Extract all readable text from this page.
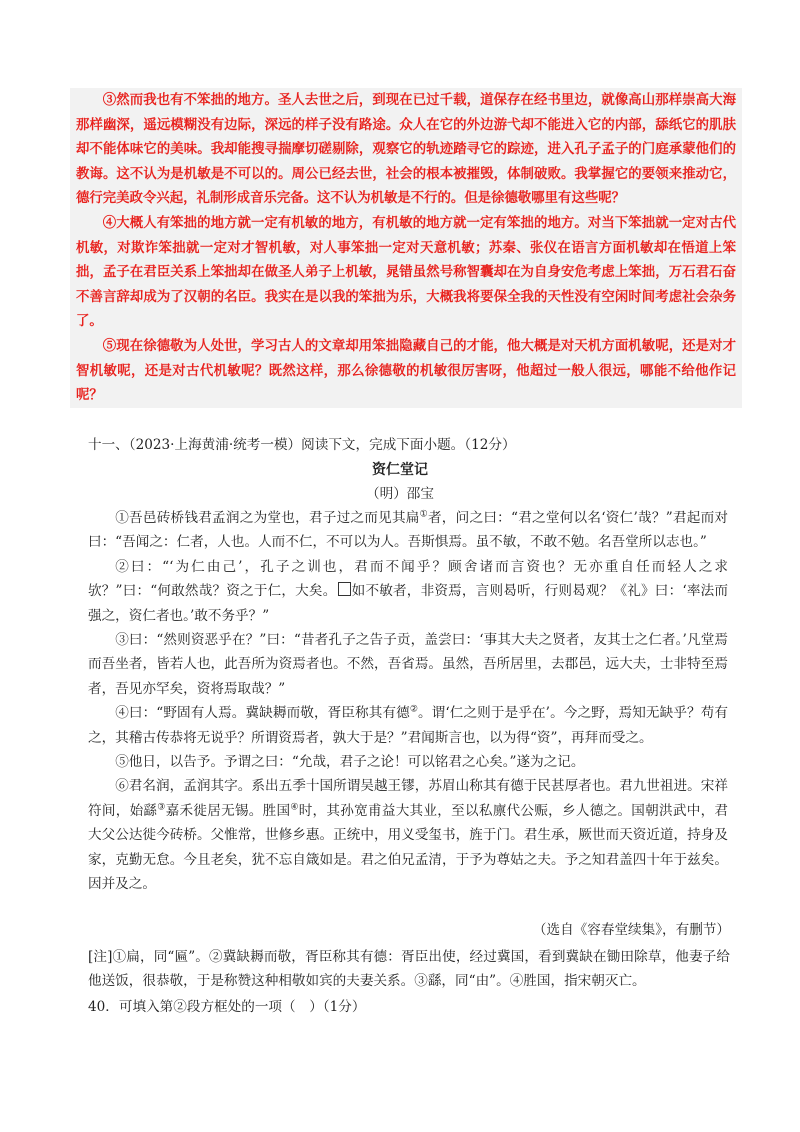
③然而我也有不笨拙的地方。圣人去世之后，到现在已过千载，道保存在经书里边，就像高山那样崇高大海那样幽深，遥远模糊没有边际，深远的样子没有路途。众人在它的外边游弋却不能进入它的内部，舔纸它的肌肤却不能体味它的美味。我却能搜寻揣摩切磋剔除，观察它的轨迹踏寻它的踪迹，进入孔子孟子的门庭承蒙他们的教诲。这不认为是机敏是不可以的。周公已经去世，社会的根本被摧毁，体制破败。我掌握它的要领来推动它，德行完美政令兴起，礼制形成音乐完备。这不认为机敏是不行的。但是徐德敬哪里有这些呢？

④大概人有笨拙的地方就一定有机敏的地方，有机敏的地方就一定有笨拙的地方。对当下笨拙就一定对古代机敏，对欺诈笨拙就一定对才智机敏，对人事笨拙一定对天意机敏；苏秦、张仪在语言方面机敏却在悟道上笨拙，孟子在君臣关系上笨拙却在做圣人弟子上机敏，晁错虽然号称智囊却在为自身安危考虑上笨拙，万石君石奋不善言辞却成为了汉朝的名臣。我实在是以我的笨拙为乐，大概我将要保全我的天性没有空闲时间考虑社会杂务了。

⑤现在徐德敬为人处世，学习古人的文章却用笨拙隐藏自己的才能，他大概是对天机方面机敏呢，还是对才智机敏呢，还是对古代机敏呢？既然这样，那么徐德敬的机敏很厉害呀，他超过一般人很远，哪能不给他作记呢？

十一、（2023·上海黄浦·统考一模）阅读下文，完成下面小题。（12分）
资仁堂记
（明）邵宝

①吾邑砖桥钱君孟润之为堂也，君子过之而见其扁①者，问之曰：“君之堂何以名‘资仁’哉？”君起而对曰：“吾闻之：仁者，人也。人而不仁，不可以为人。吾斯惧焉。虽不敏，不敢不勉。名吾堂所以志也。”

②曰：“‘为仁由己’，孔子之训也，君而不闻乎？顾舍诸而言资也？无亦重自任而轻人之求欤？”曰：“何敢然哉？资之于仁，大矣。 如不敏者，非资焉，言则曷听，行则曷观？《礼》曰：‘率法而强之，资仁者也。’敢不务乎？”

③曰：“然则资恶乎在？”曰：“昔者孔子之告子贡，盖尝曰：‘事其大夫之贤者，友其士之仁者。’凡堂焉而吾坐者，皆若人也，此吾所为资焉者也。不然，吾省焉。虽然，吾所居里，去郡邑，远大夫，士非特至焉者，吾见亦罕矣，资将焉取哉？”

④曰：“野固有人焉。冀缺耨而敬，胥臣称其有德②。谓‘仁之则于是乎在’。今之野，焉知无缺乎？苟有之，其稽古传恭将无说乎？所谓资焉者，孰大于是？”君闻斯言也，以为得“资”，再拜而受之。

⑤他日，以告予。予谓之曰：“允哉，君子之论！可以铭君之心矣。”遂为之记。

⑥君名润，孟润其字。系出五季十国所谓吴越王镠，苏眉山称其有德于民甚厚者也。君九世祖进。宋祥符间，始繇③嘉禾徙居无锡。胜国④时，其孙宽甫益大其业，至以私廪代公赈，乡人德之。国朝洪武中，君大父公达徙今砖桥。父惟常，世修乡惠。正统中，用义受玺书，旌于门。君生承，厥世而天资近道，持身及家，克勤无怠。今且老矣，犹不忘自箴如是。君之伯兄孟清，于予为尊姑之夫。予之知君盖四十年于兹矣。因并及之。

（选自《容春堂续集》，有删节）
[注]①扁，同“匾”。②冀缺耨而敬，胥臣称其有德：胥臣出使，经过冀国，看到冀缺在锄田除草，他妻子给他送饭，很恭敬，于是称赞这种相敬如宾的夫妻关系。③繇，同“由”。④胜国，指宋朝灭亡。
40．可填入第②段方框处的一项（　）（1分）
